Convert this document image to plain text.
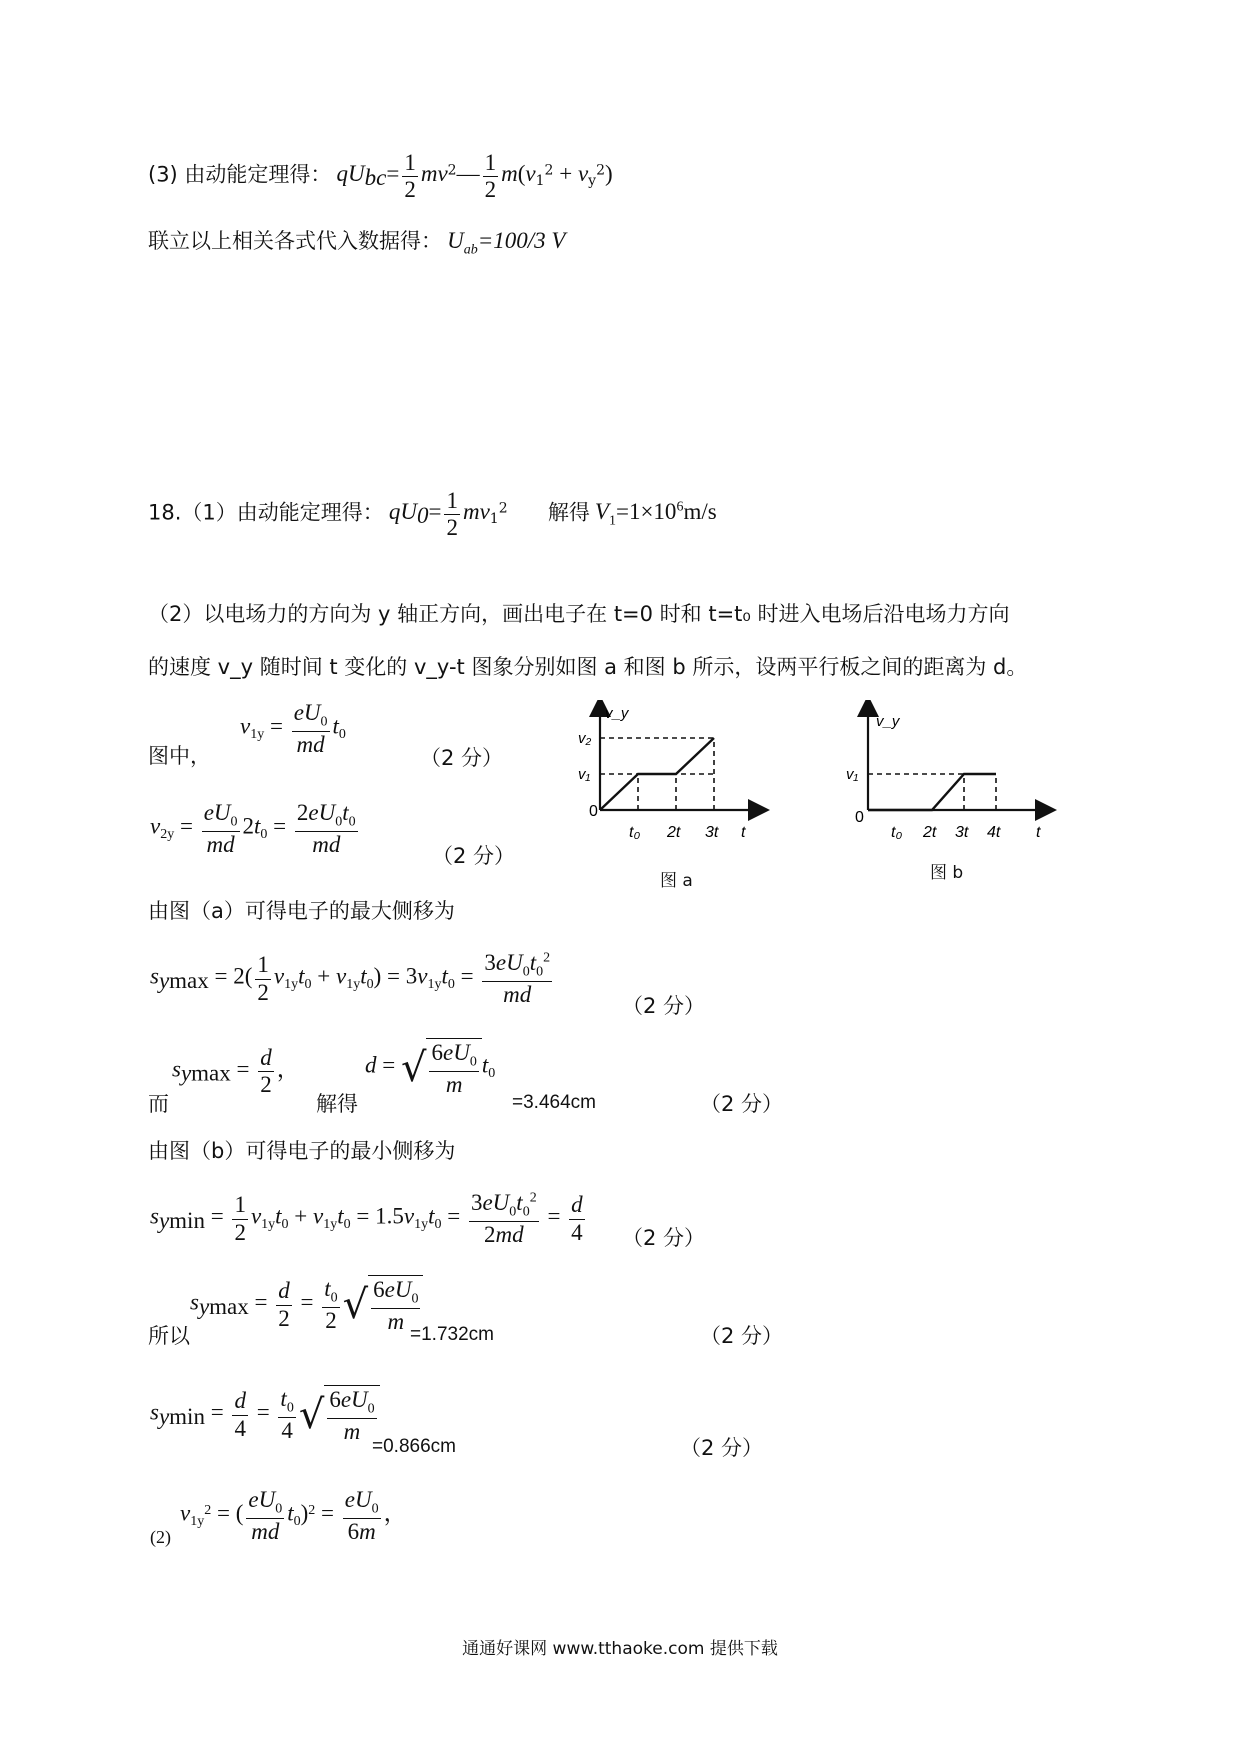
(3) 由动能定理得： $qU_{bc}= \frac{1}{2}$ $mv^2— \frac{1}{2} m(v_1^2 + v_y^2)$
联立以上相关各式代入数据得： $U_{ab}=100/3$ V
18.（1）由动能定理得： $qU_0= \frac{1}{2} mv_1^2$ 解得 $V_1=1\times 10^6m/s$
（2）以电场力的方向为 y 轴正方向，画出电子在 t=0 时和 t=t₀ 时进入电场后沿电场力方向
的速度 v_y 随时间 t 变化的 v_y-t 图象分别如图 a 和图 b 所示，设两平行板之间的距离为 d。
图中，
$v_{1y} = \frac{eU_0}{md} t_0$
（2 分）
$v_{2y} = \frac{eU_0}{md} 2t_0 = \frac{2eU_0t_0}{md}$	（2 分）
v_y
0
t
v₂
v₁
t₀ 2t 3t
图 a
v_y
0
t
v₁
t₀ 2t 3t 4t
图 b
由图（a）可得电子的最大侧移为
$s_{ymax} = 2( \frac{1}{2} v_{1y}t_0 + v_{1y}t_0) = 3v_{1y}t_0 = \frac{3eU_0t_0^2}{md}$	（2 分）
而
$s_{ymax} = \frac{d}{2}$ ，
解得
d = √ $\frac{6eU_0}{m} t_0$
=3.464cm	（2 分）
由图（b）可得电子的最小侧移为
$s_{ymin} = \frac{1}{2} v_{1y}t_0 + v_{1y}t_0 = 1.5v_{1y}t_0 = \frac{3eU_0t_0^2}{2md} = \frac{d}{4} (2$ 分）
所以
$s_{ymax} = \frac{d}{2} = \frac{t_0}{2}$ √ $\frac{6eU_0}{m}$
=1.732cm	（2 分）
$s_{ymin} = \frac{d}{4} = \frac{t_0}{4}$ √ $\frac{6eU_0}{m}$
=0.866cm	（2 分）
(2)
$v_{1y}^2$ = ( $\frac{eU_0}{md} t_0)^2 = \frac{eU_0}{6m}$ ，
通通好课网 www.tthaoke.com 提供下载
